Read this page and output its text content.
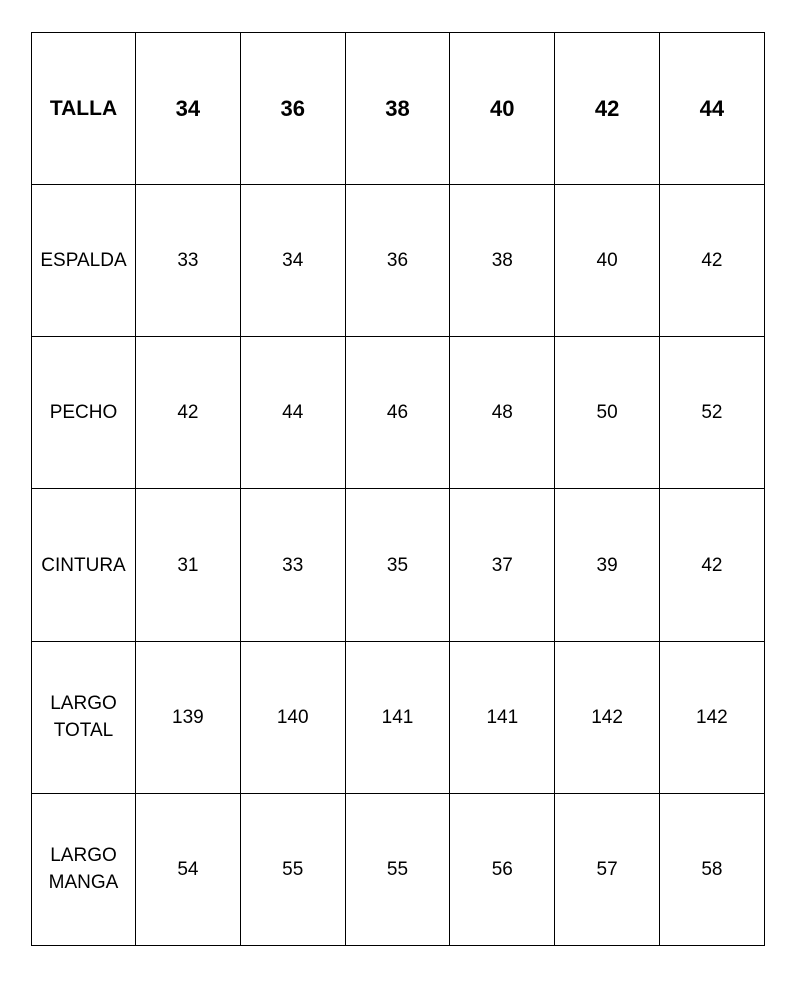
TALLA	34	36	38	40	42	44
ESPALDA	33	34	36	38	40	42
PECHO	42	44	46	48	50	52
CINTURA	31	33	35	37	39	42
LARGO
TOTAL	139	140	141	141	142	142
LARGO
MANGA	54	55	55	56	57	58
